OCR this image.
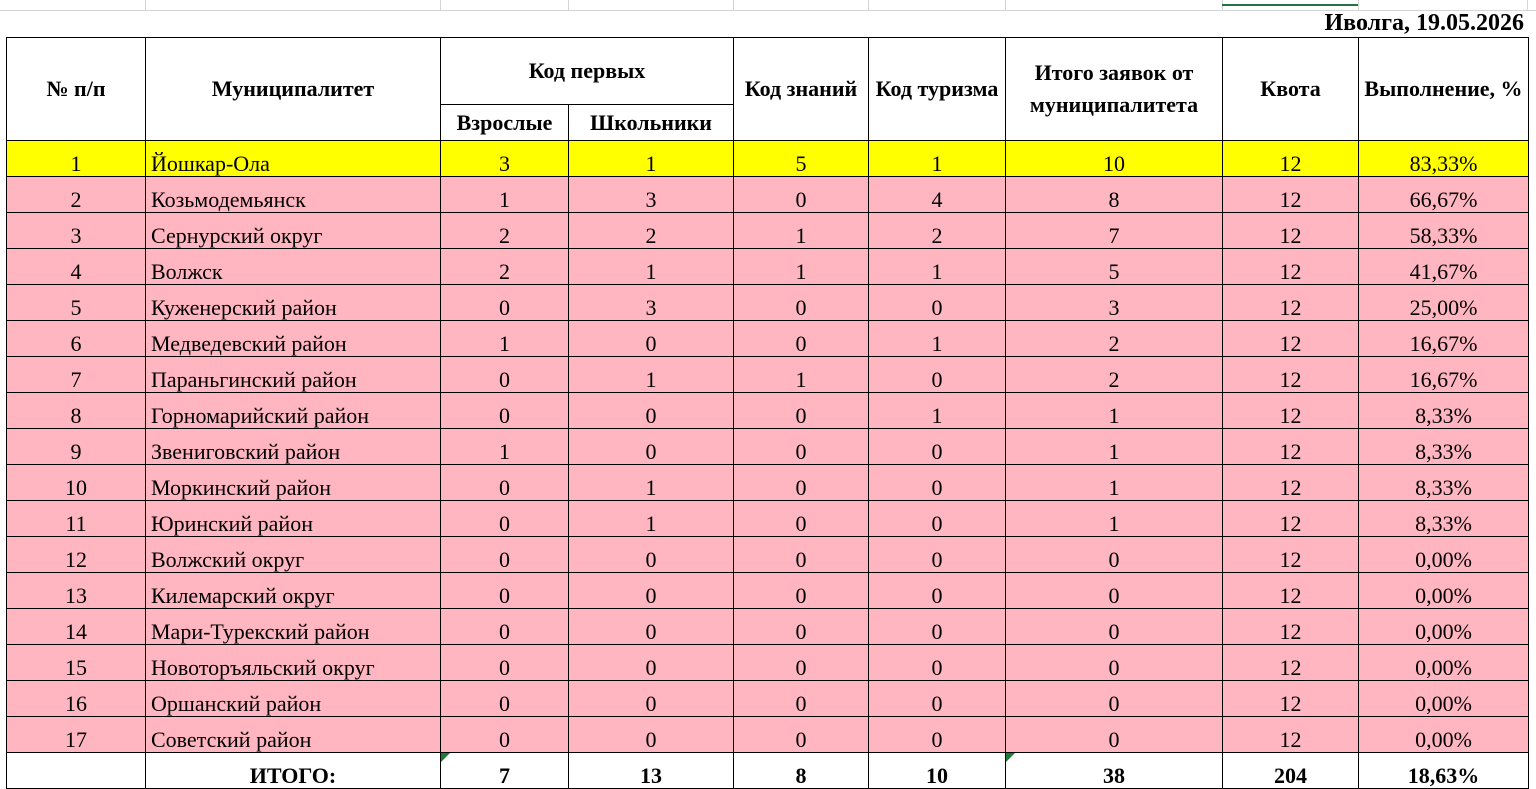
Иволга, 19.05.2026
№ п/п	Муниципалитет	Код первых		Код знаний	Код туризма	Итого заявок от муниципалитета	Квота	Выполнение, %
		Взрослые	Школьники					
1	Йошкар-Ола	3	1	5	1	10	12	83,33%
2	Козьмодемьянск	1	3	0	4	8	12	66,67%
3	Сернурский округ	2	2	1	2	7	12	58,33%
4	Волжск	2	1	1	1	5	12	41,67%
5	Куженерский район	0	3	0	0	3	12	25,00%
6	Медведевский район	1	0	0	1	2	12	16,67%
7	Параньгинский район	0	1	1	0	2	12	16,67%
8	Горномарийский район	0	0	0	1	1	12	8,33%
9	Звениговский район	1	0	0	0	1	12	8,33%
10	Моркинский район	0	1	0	0	1	12	8,33%
11	Юринский район	0	1	0	0	1	12	8,33%
12	Волжский округ	0	0	0	0	0	12	0,00%
13	Килемарский округ	0	0	0	0	0	12	0,00%
14	Мари-Турекский район	0	0	0	0	0	12	0,00%
15	Новоторъяльский округ	0	0	0	0	0	12	0,00%
16	Оршанский район	0	0	0	0	0	12	0,00%
17	Советский район	0	0	0	0	0	12	0,00%
	ИТОГО:	7	13	8	10	38	204	18,63%
